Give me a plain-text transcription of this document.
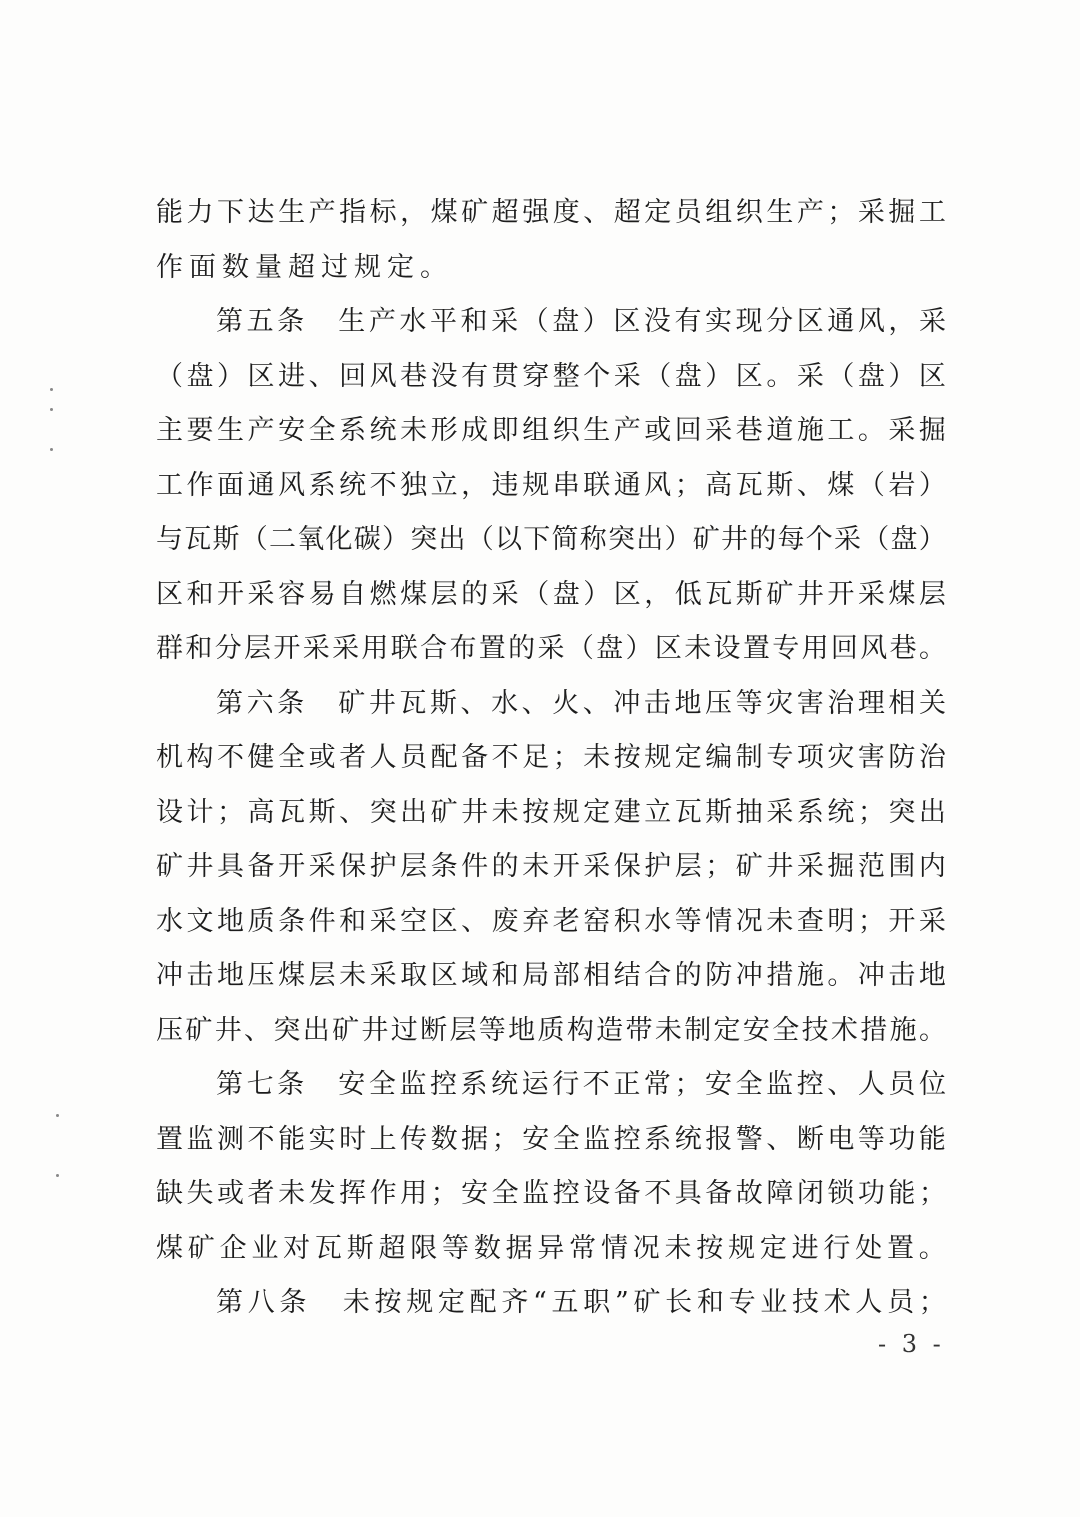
能 力 下 达 生 产 指 标 ， 煤 矿 超 强 度 、 超 定 员 组 织 生 产 ； 采 掘 工
作 面 数 量 超 过 规 定 。
第 五 条
　 生 产 水 平 和 采 （ 盘 ） 区 没 有 实 现 分 区 通 风 ， 采
（ 盘 ） 区 进 、 回 风 巷 没 有 贯 穿 整 个 采 （ 盘 ） 区 。 采 （ 盘 ） 区
主 要 生 产 安 全 系 统 未 形 成 即 组 织 生 产 或 回 采 巷 道 施 工 。 采 掘
工 作 面 通 风 系 统 不 独 立 ， 违 规 串 联 通 风 ； 高 瓦 斯 、 煤 （ 岩 ）
与 瓦 斯 （ 二 氧 化 碳 ） 突 出 （ 以 下 简 称 突 出 ） 矿 井 的 每 个 采 （ 盘 ）
区 和 开 采 容 易 自 燃 煤 层 的 采 （ 盘 ） 区 ， 低 瓦 斯 矿 井 开 采 煤 层
群 和 分 层 开 采 采 用 联 合 布 置 的 采 （ 盘 ） 区 未 设 置 专 用 回 风 巷 。
第 六 条
　 矿 井 瓦 斯 、 水 、 火 、 冲 击 地 压 等 灾 害 治 理 相 关
机 构 不 健 全 或 者 人 员 配 备 不 足 ； 未 按 规 定 编 制 专 项 灾 害 防 治
设 计 ； 高 瓦 斯 、 突 出 矿 井 未 按 规 定 建 立 瓦 斯 抽 采 系 统 ； 突 出
矿 井 具 备 开 采 保 护 层 条 件 的 未 开 采 保 护 层 ； 矿 井 采 掘 范 围 内
水 文 地 质 条 件 和 采 空 区 、 废 弃 老 窑 积 水 等 情 况 未 查 明 ； 开 采
冲 击 地 压 煤 层 未 采 取 区 域 和 局 部 相 结 合 的 防 冲 措 施 。 冲 击 地
压 矿 井 、 突 出 矿 井 过 断 层 等 地 质 构 造 带 未 制 定 安 全 技 术 措 施 。
第 七 条
　 安 全 监 控 系 统 运 行 不 正 常 ； 安 全 监 控 、 人 员 位
置 监 测 不 能 实 时 上 传 数 据 ； 安 全 监 控 系 统 报 警 、 断 电 等 功 能
缺 失 或 者 未 发 挥 作 用 ； 安 全 监 控 设 备 不 具 备 故 障 闭 锁 功 能 ；
煤 矿 企 业 对 瓦 斯 超 限 等 数 据 异 常 情 况 未 按 规 定 进 行 处 置 。
第 八 条
　 未 按 规 定 配 齐 “ 五 职 ” 矿 长 和 专 业 技 术 人 员 ；
- 3 -
